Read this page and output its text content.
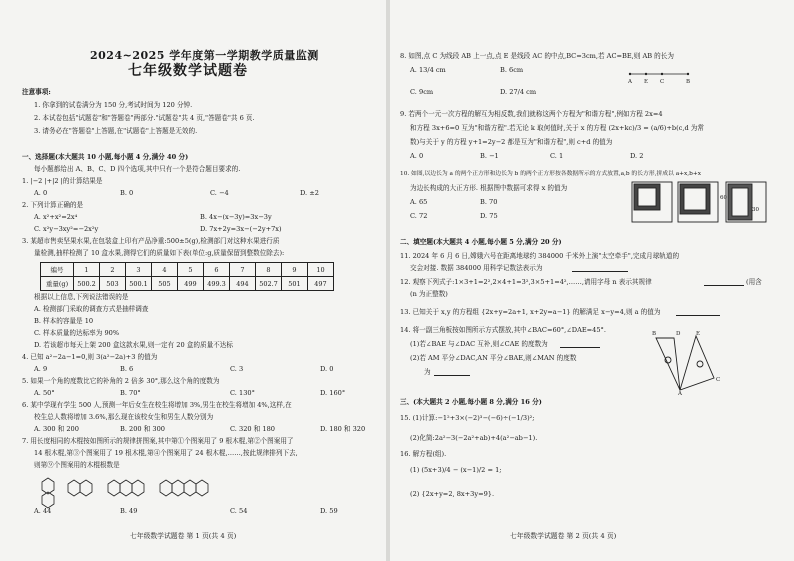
2024~2025 学年度第一学期教学质量监测
七年级数学试题卷
注意事项:
1. 你拿到的试卷满分为 150 分,考试时间为 120 分钟.
2. 本试卷包括"试题卷"和"答题卷"两部分."试题卷"共 4 页,"答题卷"共 6 页.
3. 请务必在"答题卷"上答题,在"试题卷"上答题是无效的.
一、选择题(本大题共 10 小题,每小题 4 分,满分 40 分)
每小题都给出 A、B、C、D 四个选项,其中只有一个是符合题目要求的.
1. |−2 |+|2 |的计算结果是
A. 0	B. 0	C. −4	D. ±2
2. 下列计算正确的是
A. x²+x²=2x⁴	B. 4x−(x−3y)=3x−3y
C. x²y−3xy²=−2x²y	D. 7x+2y=3x−(−2y+7x)
3. 某超市售卖坚果水果,在包装盒上印有产品净重:500±5(g),检测部门对这种水果进行质
量检测,抽样检测了 10 盒水果,测得它们的质量如下表(单位:g,质量保留到整数位除去):
编号	1	2	3	4	5	6	7	8	9	10
重量(g)	500.2	503	500.1	505	499	499.3	494	502.7	501	497
根据以上信息,下列说法错误的是
A. 检测部门采取的调查方式是抽样调查
B. 样本的容量是 10
C. 样本质量的达标率为 90%
D. 若该超市每天上架 200 盒这款水果,则一定有 20 盒的质量不达标
4. 已知 a²−2a−1=0,则 3(a²−2a)+3 的值为
A. 9	B. 6	C. 3	D. 0
5. 如果一个角的度数比它的补角的 2 倍多 30°,那么这个角的度数为
A. 50°	B. 70°	C. 130°	D. 160°
6. 某中学现有学生 500 人,预测一年后女生在校生将增加 3%,男生在校生将增加 4%,这样,在
校生总人数将增加 3.6%,那么现在该校女生和男生人数分别为
A. 300 和 200	B. 200 和 300	C. 320 和 180	D. 180 和 320
7. 用长度相同的木棍按如图所示的规律拼图案,其中第①个图案用了 9 根木棍,第②个图案用了
14 根木棍,第③个图案用了 19 根木棍,第④个图案用了 24 根木棍,……,按此规律排列下去,
则第⑨个图案用的木棍根数是
A. 44	B. 49	C. 54	D. 59
七年级数学试题卷 第 1 页(共 4 页)
8. 如图,点 C 为线段 AB 上一点,点 E 是线段 AC 的中点,BC=3cm,若 AC=BE,则 AB 的长为
A. 13/4 cm	B. 6cm
C. 9cm	D. 27/4 cm
A E C	B
9. 若两个一元一次方程的解互为相反数,我们就称这两个方程为"和谐方程",例如方程 2x=4
和方程 3x+6=0 互为"和谐方程".若无论 k 取何值时,关于 x 的方程 (2x+kc)/3 = (a/6)+b(c,d 为常
数)与关于 y 的方程 y+1=2y−2 都是互为"和谐方程",则 c+d 的值为
A. 0	B. −1	C. 1	D. 2
10. 如图,以边长为 a 的两个正方形和边长为 b 的两个正方形按各数据所示的方式放置,a,b 的长方形,拼成以 a+x,b+x
为边长构成的大正方形. 根据图中数据可求得 x 的值为
A. 65	B. 70
C. 72	D. 75
60
30
二、填空题(本大题共 4 小题,每小题 5 分,满分 20 分)
11. 2024 年 6 月 6 日,嫦娥六号在距离地球约 384000 千米外上演"太空牵手",完成月球轨道的
交会对接. 数据 384000 用科学记数法表示为
12. 观察下列式子:1×3+1=2²,2×4+1=3²,3×5+1=4²,……,请用字母 n 表示其规律	(用含
(n 为正整数)
13. 已知关于 x,y 的方程组 {2x+y=2a+1, x+2y=a−1} 的解满足 x−y=4,则 a 的值为
14. 将一副三角板按如图所示方式摆放,其中∠BAC=60°,∠DAE=45°.
(1)若∠BAE 与∠DAC 互补,则∠CAE 的度数为
(2)若 AM 平分∠DAC,AN 平分∠BAE,则∠MAN 的度数
为
B	D	E
C
A
三、(本大题共 2 小题,每小题 8 分,满分 16 分)
15. (1)计算:−1²+3×(−2)³−(−6)÷(−1/3)²;
(2)化简:2a²−3(−2a²+ab)+4(a²−ab−1).
16. 解方程(组).
(1) (5x+3)/4 − (x−1)/2 = 1;
(2) {2x+y=2, 8x+3y=9}.
七年级数学试题卷 第 2 页(共 4 页)
